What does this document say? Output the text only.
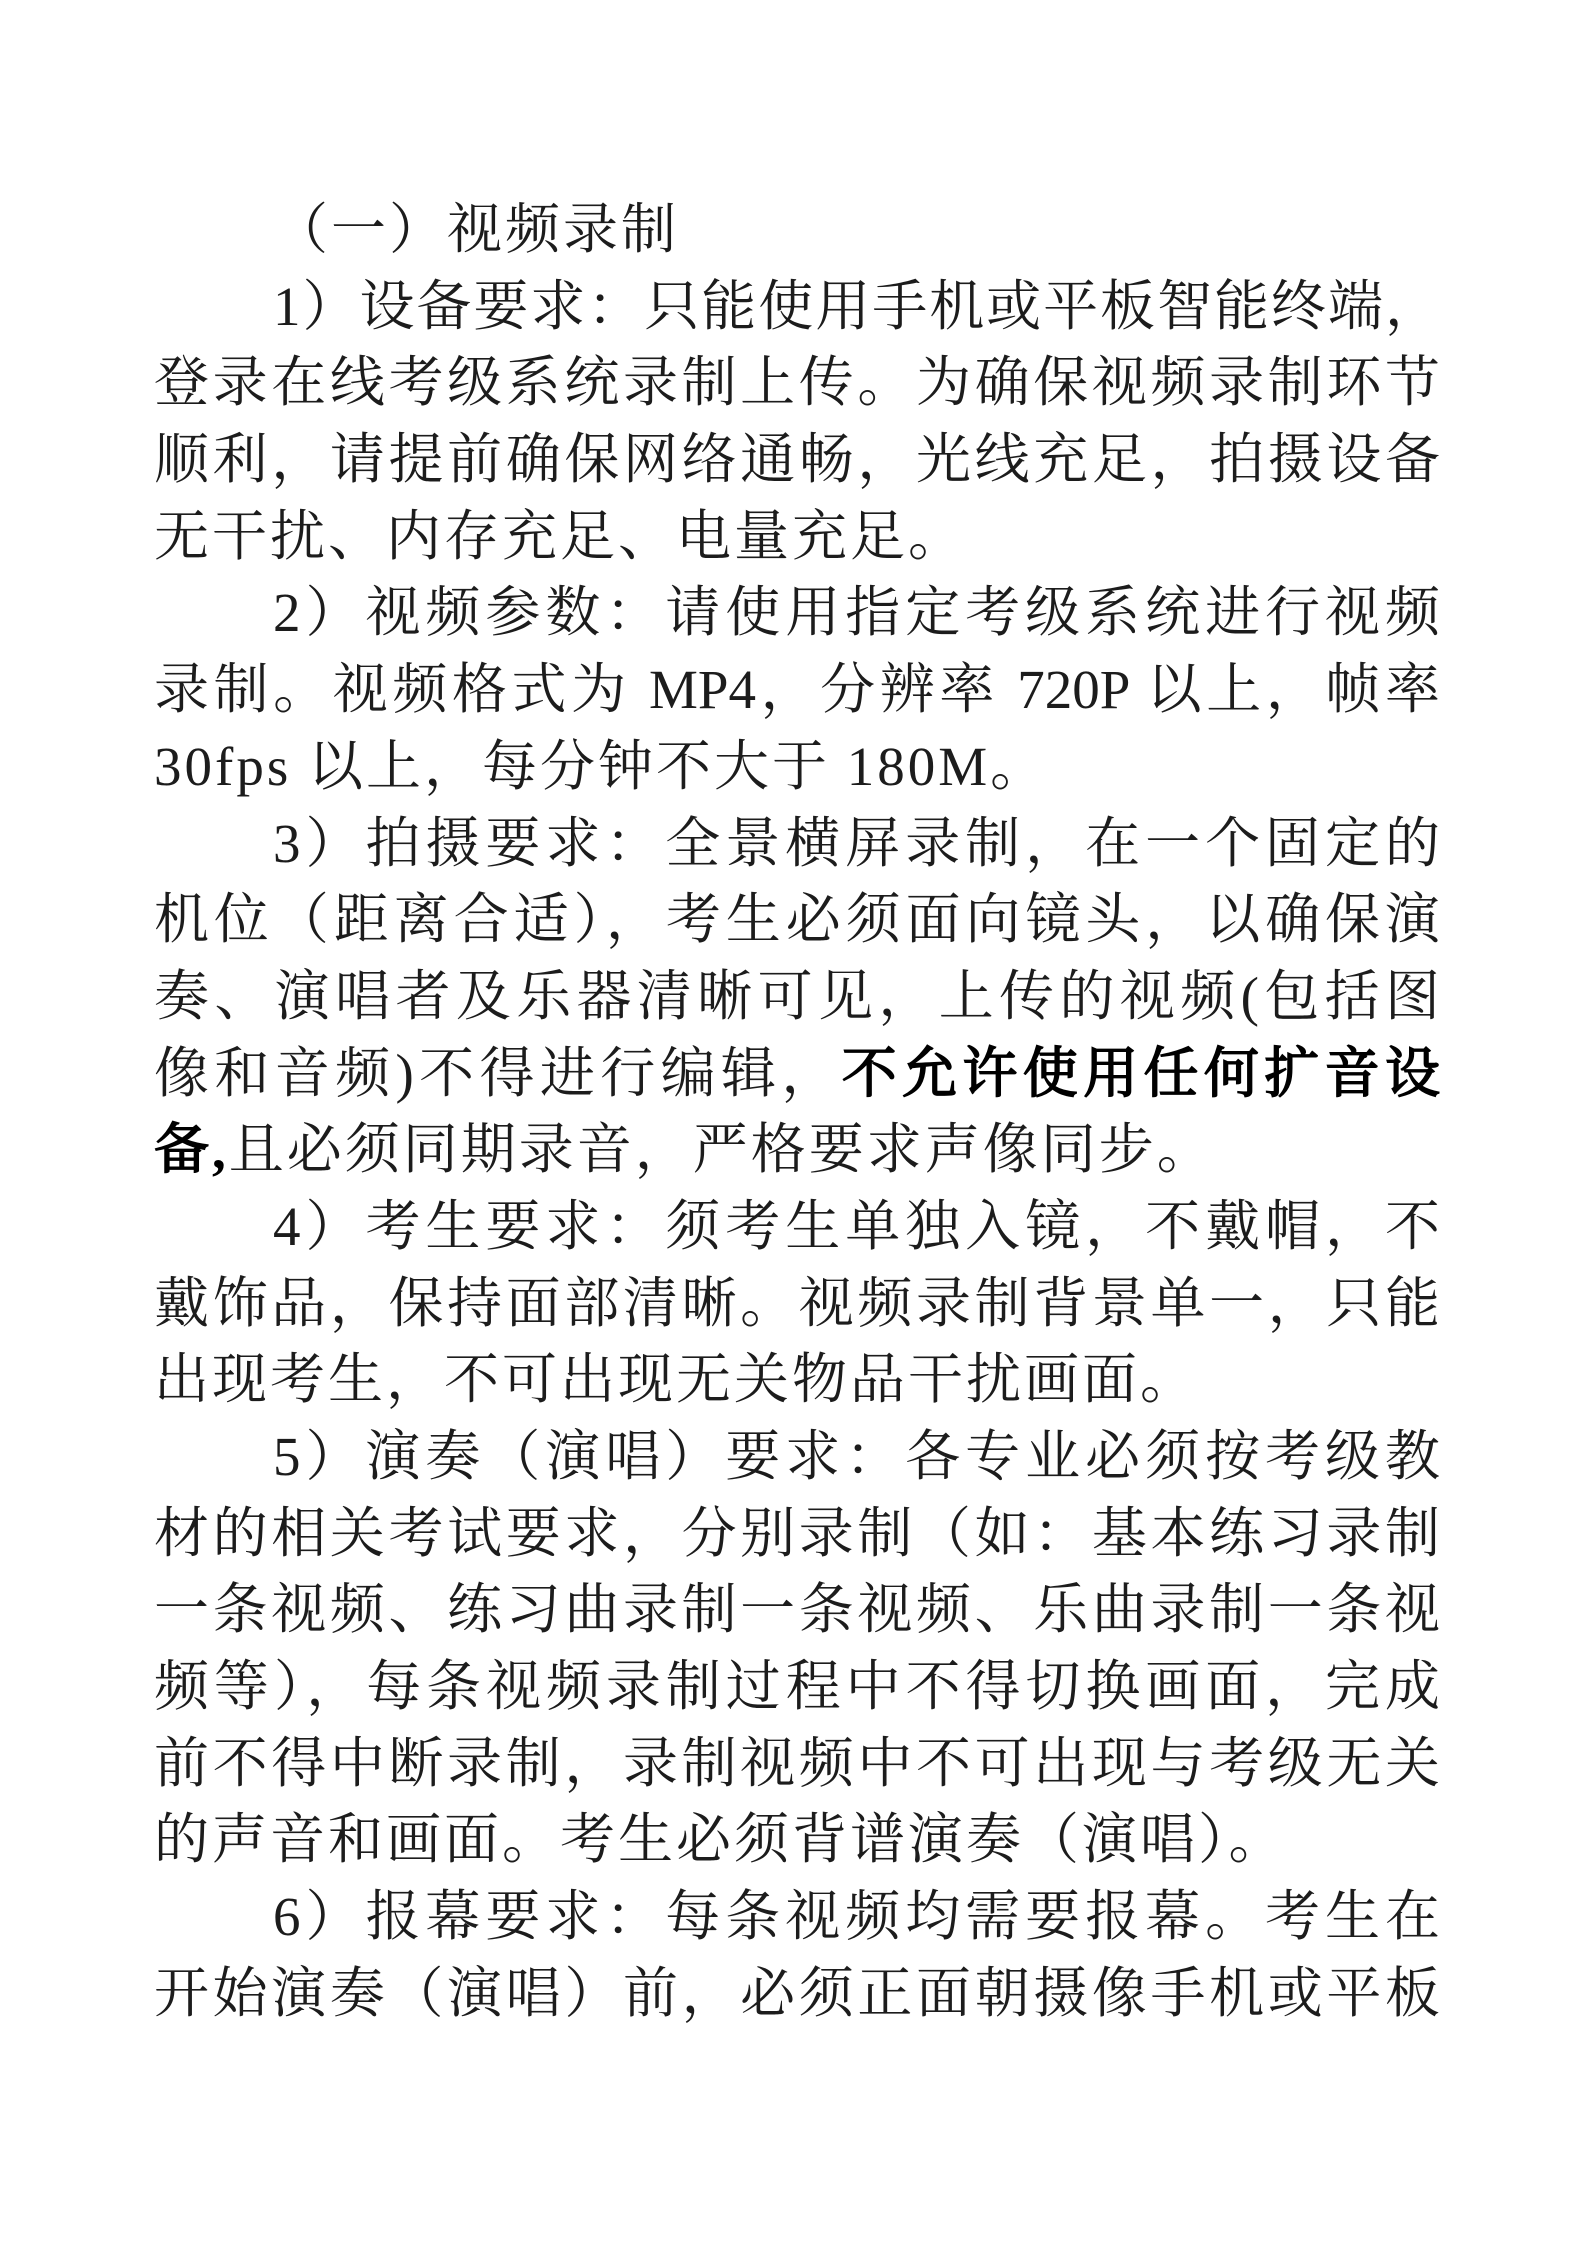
（一）视频录制
1）设备要求：只能使用手机或平板智能终端，
登录在线考级系统录制上传。为确保视频录制环节
顺利，请提前确保网络通畅，光线充足，拍摄设备
无干扰、内存充足、电量充足。
2）视频参数：请使用指定考级系统进行视频
录制。视频格式为 MP4，分辨率 720P 以上，帧率
30fps 以上，每分钟不大于 180M。
3）拍摄要求：全景横屏录制，在一个固定的
机位（距离合适），考生必须面向镜头，以确保演
奏、演唱者及乐器清晰可见，上传的视频(包括图
像和音频)不得进行编辑，不允许使用任何扩音设
备,且必须同期录音，严格要求声像同步。
4）考生要求：须考生单独入镜，不戴帽，不
戴饰品，保持面部清晰。视频录制背景单一，只能
出现考生，不可出现无关物品干扰画面。
5）演奏（演唱）要求：各专业必须按考级教
材的相关考试要求，分别录制（如：基本练习录制
一条视频、练习曲录制一条视频、乐曲录制一条视
频等），每条视频录制过程中不得切换画面，完成
前不得中断录制，录制视频中不可出现与考级无关
的声音和画面。考生必须背谱演奏（演唱）。
6）报幕要求：每条视频均需要报幕。考生在
开始演奏（演唱）前，必须正面朝摄像手机或平板
